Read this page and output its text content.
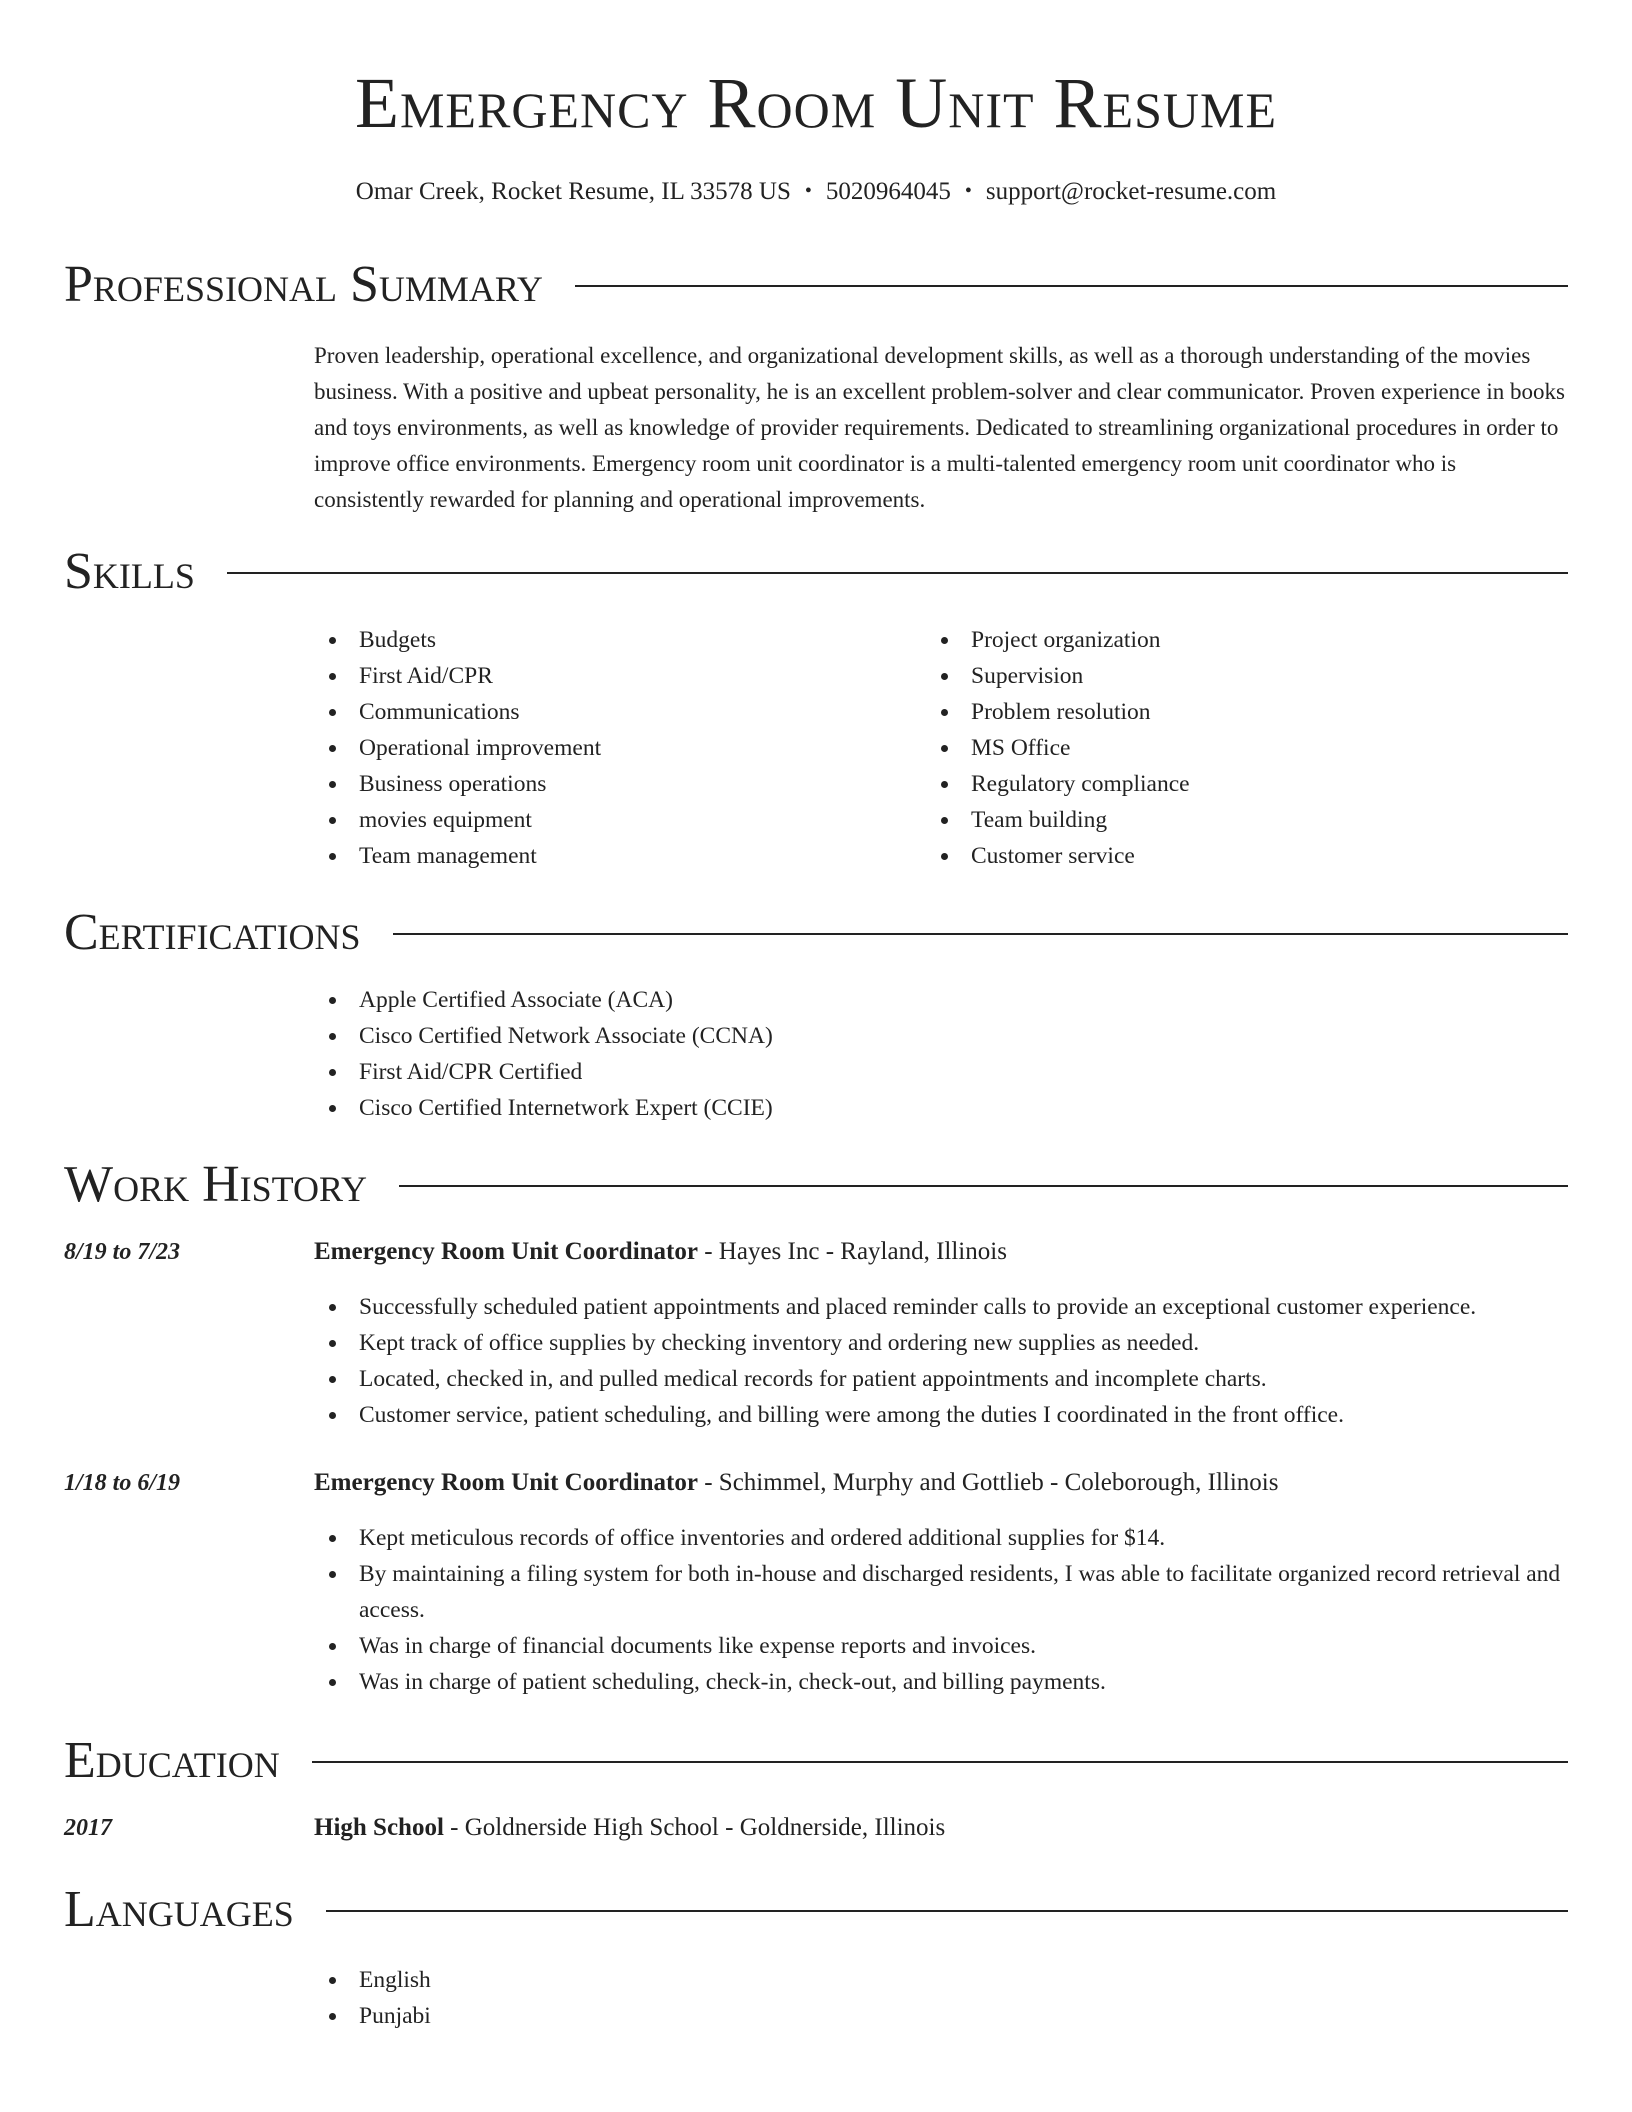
Emergency Room Unit Resume
Omar Creek, Rocket Resume, IL 33578 US • 5020964045 • support@rocket-resume.com
Professional Summary

Proven leadership, operational excellence, and organizational development skills, as well as a thorough understanding of the movies business. With a positive and upbeat personality, he is an excellent problem-solver and clear communicator. Proven experience in books and toys environments, as well as knowledge of provider requirements. Dedicated to streamlining organizational procedures in order to improve office environments. Emergency room unit coordinator is a multi-talented emergency room unit coordinator who is consistently rewarded for planning and operational improvements.

Skills
Budgets
First Aid/CPR
Communications
Operational improvement
Business operations
movies equipment
Team management
Project organization
Supervision
Problem resolution
MS Office
Regulatory compliance
Team building
Customer service
Certifications
Apple Certified Associate (ACA)
Cisco Certified Network Associate (CCNA)
First Aid/CPR Certified
Cisco Certified Internetwork Expert (CCIE)
Work History
8/19 to 7/23	Emergency Room Unit Coordinator - Hayes Inc - Rayland, Illinois
Successfully scheduled patient appointments and placed reminder calls to provide an exceptional customer experience.
Kept track of office supplies by checking inventory and ordering new supplies as needed.
Located, checked in, and pulled medical records for patient appointments and incomplete charts.
Customer service, patient scheduling, and billing were among the duties I coordinated in the front office.
1/18 to 6/19	Emergency Room Unit Coordinator - Schimmel, Murphy and Gottlieb - Coleborough, Illinois
Kept meticulous records of office inventories and ordered additional supplies for $14.
By maintaining a filing system for both in-house and discharged residents, I was able to facilitate organized record retrieval and access.
Was in charge of financial documents like expense reports and invoices.
Was in charge of patient scheduling, check-in, check-out, and billing payments.
Education
2017	High School - Goldnerside High School - Goldnerside, Illinois
Languages
English
Punjabi
